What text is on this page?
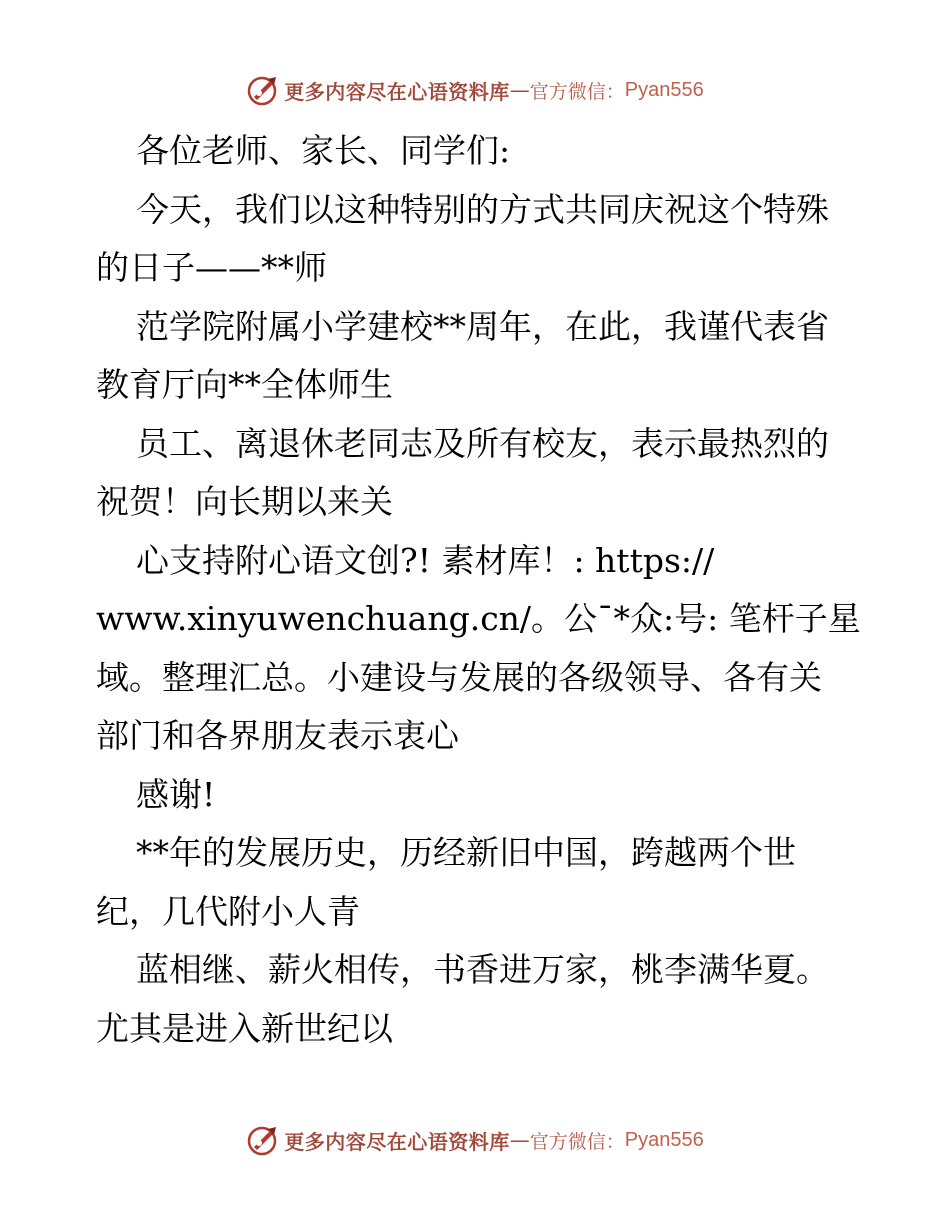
更多内容尽在心语资料库 — 官方微信： Pyan556

各位老师、家长、同学们:

今天，我们以这种特别的方式共同庆祝这个特殊

的日子——**师

范学院附属小学建校**周年，在此，我谨代表省

教育厅向**全体师生

员工、离退休老同志及所有校友，表示最热烈的

祝贺！向长期以来关

心支持附心语文创?! 素材库！: https://

www.xinyuwenchuang.cn/。公¯*众:号: 笔杆子星

域。整理汇总。小建设与发展的各级领导、各有关

部门和各界朋友表示衷心

感谢!

**年的发展历史，历经新旧中国，跨越两个世

纪，几代附小人青

蓝相继、薪火相传，书香进万家，桃李满华夏。

尤其是进入新世纪以

更多内容尽在心语资料库 — 官方微信： Pyan556
